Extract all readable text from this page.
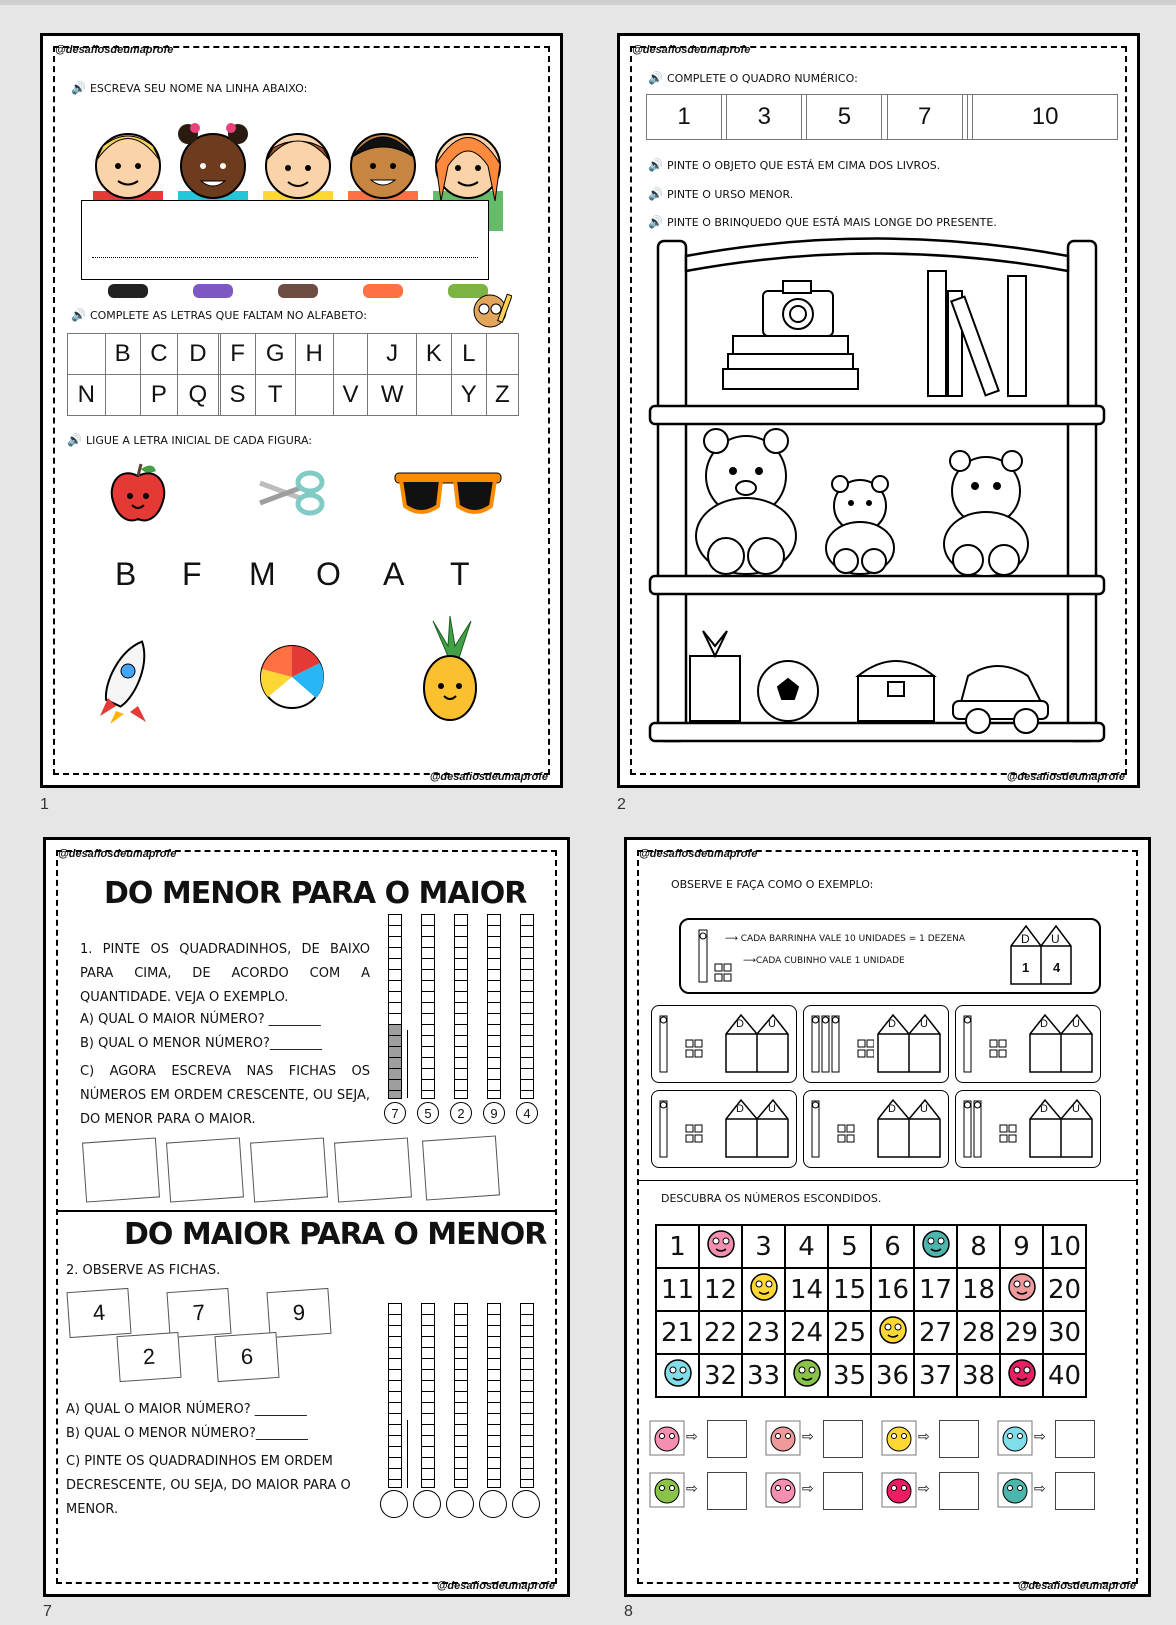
@desafiosdeumaprofe
@desafiosdeumaprofe
🔊 ESCREVA SEU NOME NA LINHA ABAIXO:
🔊 COMPLETE AS LETRAS QUE FALTAM NO ALFABETO:
	B	C	D		F	G	H		J	K	L	
N		P	Q		S	T		V	W		Y	Z
🔊 LIGUE A LETRA INICIAL DE CADA FIGURA:
B F M O A T
1
@desafiosdeumaprofe
@desafiosdeumaprofe
🔊 COMPLETE O QUADRO NUMÉRICO:
1		3		5		7			10
🔊 PINTE O OBJETO QUE ESTÁ EM CIMA DOS LIVROS.
🔊 PINTE O URSO MENOR.
🔊 PINTE O BRINQUEDO QUE ESTÁ MAIS LONGE DO PRESENTE.
2
@desafiosdeumaprofe
@desafiosdeumaprofe
DO MENOR PARA O MAIOR
1. PINTE OS QUADRADINHOS, DE BAIXO PARA CIMA, DE ACORDO COM A QUANTIDADE. VEJA O EXEMPLO.
A) QUAL O MAIOR NÚMERO? ________
B) QUAL O MENOR NÚMERO?________
C) AGORA ESCREVA NAS FICHAS OS NÚMEROS EM ORDEM CRESCENTE, OU SEJA, DO MENOR PARA O MAIOR.	7	5	2	9	4
DO MAIOR PARA O MENOR
2. OBSERVE AS FICHAS.
4	7	9
2	6
A) QUAL O MAIOR NÚMERO? ________
B) QUAL O MENOR NÚMERO?________
C) PINTE OS QUADRADINHOS EM ORDEM DECRESCENTE, OU SEJA, DO MAIOR PARA O MENOR.
7
@desafiosdeumaprofe
@desafiosdeumaprofe
OBSERVE E FAÇA COMO O EXEMPLO:
⟶ CADA BARRINHA VALE 10 UNIDADES = 1 DEZENA
⟶CADA CUBINHO VALE 1 UNIDADE
D U
1 4
D U	D U	D U
D U	D U	D U
DESCUBRA OS NÚMEROS ESCONDIDOS.
1		3	4	5	6		8	9	10
11	12		14	15	16	17	18		20
21	22	23	24	25		27	28	29	30
	32	33		35	36	37	38		40
⇨	⇨	⇨	⇨
⇨	⇨	⇨	⇨
8
